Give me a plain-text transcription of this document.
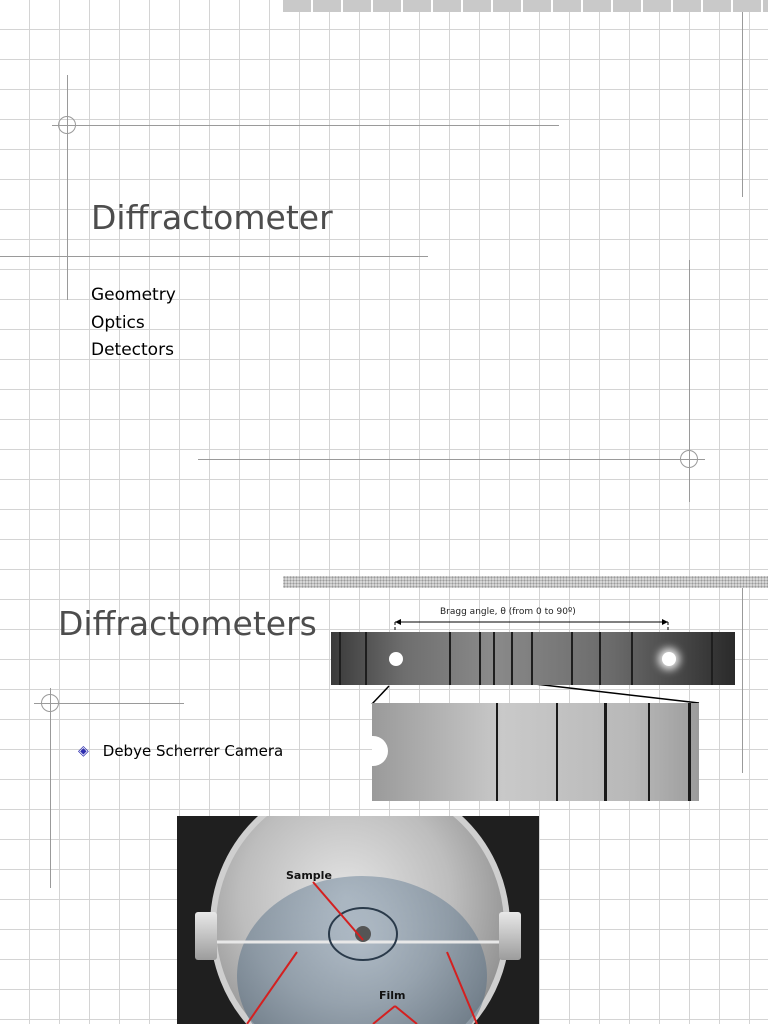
Diffractometer
Geometry
Optics
Detectors
Diffractometers
◈ Debye Scherrer Camera
Bragg angle, θ (from 0 to 90º)
Sample
Film
